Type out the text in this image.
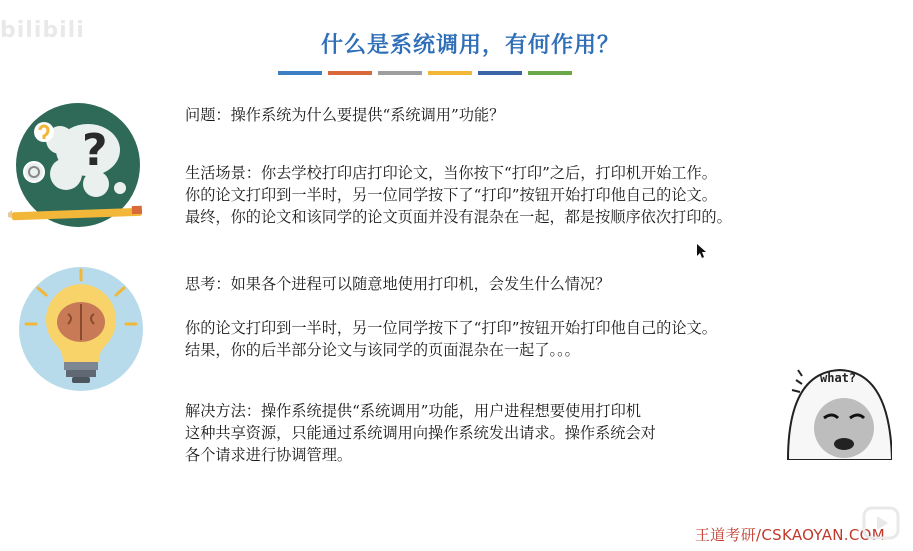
bilibili
什么是系统调用，有何作用？
?
问题：操作系统为什么要提供“系统调用”功能？

生活场景：你去学校打印店打印论文，当你按下“打印”之后，打印机开始工作。

你的论文打印到一半时，另一位同学按下了“打印”按钮开始打印他自己的论文。

最终，你的论文和该同学的论文页面并没有混杂在一起，都是按顺序依次打印的。

思考：如果各个进程可以随意地使用打印机，会发生什么情况？

你的论文打印到一半时，另一位同学按下了“打印”按钮开始打印他自己的论文。

结果，你的后半部分论文与该同学的页面混杂在一起了。。。

解决方法：操作系统提供“系统调用”功能，用户进程想要使用打印机

这种共享资源，只能通过系统调用向操作系统发出请求。操作系统会对

各个请求进行协调管理。

what?
王道考研/CSKAOYAN.COM
